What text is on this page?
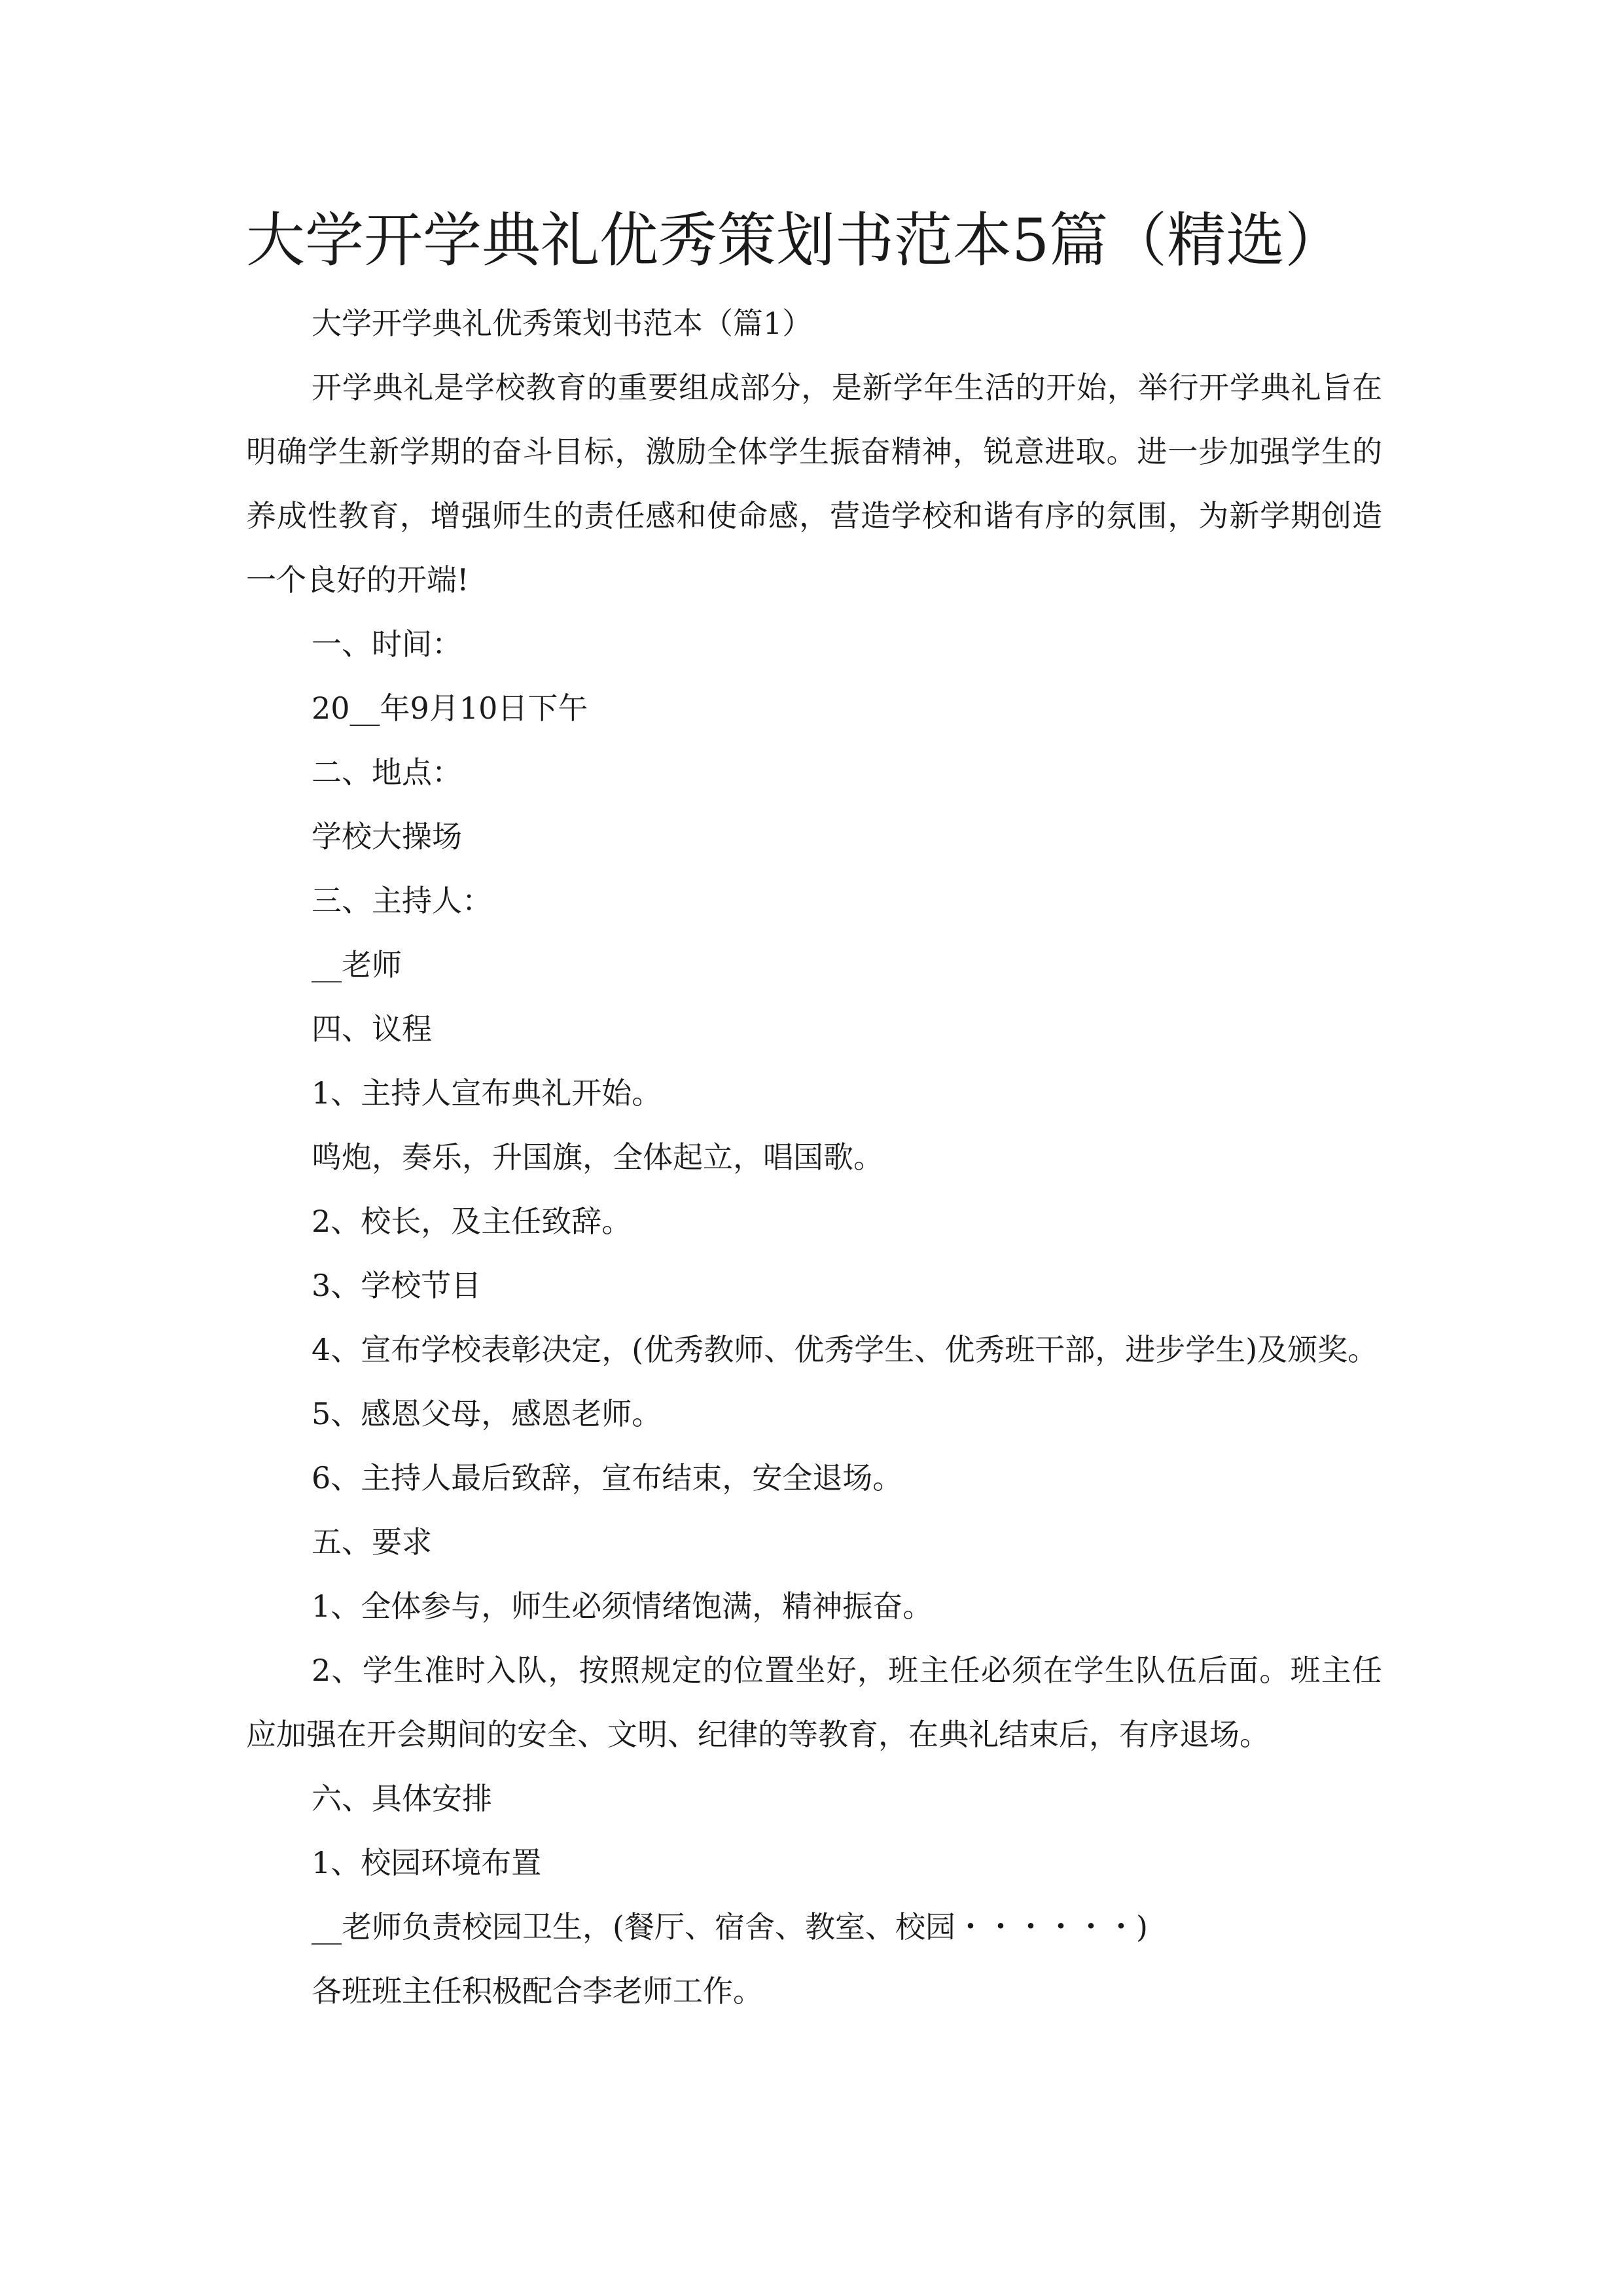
大学开学典礼优秀策划书范本5篇（精选）

大学开学典礼优秀策划书范本（篇1）

开学典礼是学校教育的重要组成部分，是新学年生活的开始，举行开学典礼旨在明确学生新学期的奋斗目标，激励全体学生振奋精神，锐意进取。进一步加强学生的养成性教育，增强师生的责任感和使命感，营造学校和谐有序的氛围，为新学期创造一个良好的开端!

一、时间：

20__年9月10日下午

二、地点：

学校大操场

三、主持人：

__老师

四、议程

1、主持人宣布典礼开始。

鸣炮，奏乐，升国旗，全体起立，唱国歌。

2、校长，及主任致辞。

3、学校节目

4、宣布学校表彰决定，(优秀教师、优秀学生、优秀班干部，进步学生)及颁奖。

5、感恩父母，感恩老师。

6、主持人最后致辞，宣布结束，安全退场。

五、要求

1、全体参与，师生必须情绪饱满，精神振奋。

2、学生准时入队，按照规定的位置坐好，班主任必须在学生队伍后面。班主任应加强在开会期间的安全、文明、纪律的等教育，在典礼结束后，有序退场。

六、具体安排

1、校园环境布置

__老师负责校园卫生，(餐厅、宿舍、教室、校园・・・・・・)

各班班主任积极配合李老师工作。
